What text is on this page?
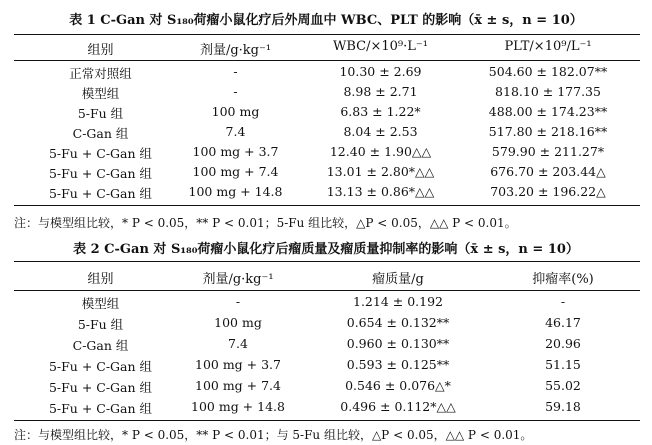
表 1 C-Gan 对 S₁₈₀荷瘤小鼠化疗后外周血中 WBC、PLT 的影响（x̄ ± s，n = 10）
组别	剂量/g·kg⁻¹	WBC/×10⁹·L⁻¹	PLT/×10⁹/L⁻¹
正常对照组	-	10.30 ± 2.69	504.60 ± 182.07**
模型组	-	8.98 ± 2.71	818.10 ± 177.35
5-Fu 组	100 mg	6.83 ± 1.22*	488.00 ± 174.23**
C-Gan 组	7.4	8.04 ± 2.53	517.80 ± 218.16**
5-Fu + C-Gan 组	100 mg + 3.7	12.40 ± 1.90△△	579.90 ± 211.27*
5-Fu + C-Gan 组	100 mg + 7.4	13.01 ± 2.80*△△	676.70 ± 203.44△
5-Fu + C-Gan 组	100 mg + 14.8	13.13 ± 0.86*△△	703.20 ± 196.22△
注：与模型组比较，* P < 0.05，** P < 0.01；5-Fu 组比较，△P < 0.05，△△ P < 0.01。
表 2 C-Gan 对 S₁₈₀荷瘤小鼠化疗后瘤质量及瘤质量抑制率的影响（x̄ ± s，n = 10）
组别	剂量/g·kg⁻¹	瘤质量/g	抑瘤率(%)
模型组	-	1.214 ± 0.192	-
5-Fu 组	100 mg	0.654 ± 0.132**	46.17
C-Gan 组	7.4	0.960 ± 0.130**	20.96
5-Fu + C-Gan 组	100 mg + 3.7	0.593 ± 0.125**	51.15
5-Fu + C-Gan 组	100 mg + 7.4	0.546 ± 0.076△*	55.02
5-Fu + C-Gan 组	100 mg + 14.8	0.496 ± 0.112*△△	59.18
注：与模型组比较，* P < 0.05，** P < 0.01；与 5-Fu 组比较，△P < 0.05，△△ P < 0.01。
